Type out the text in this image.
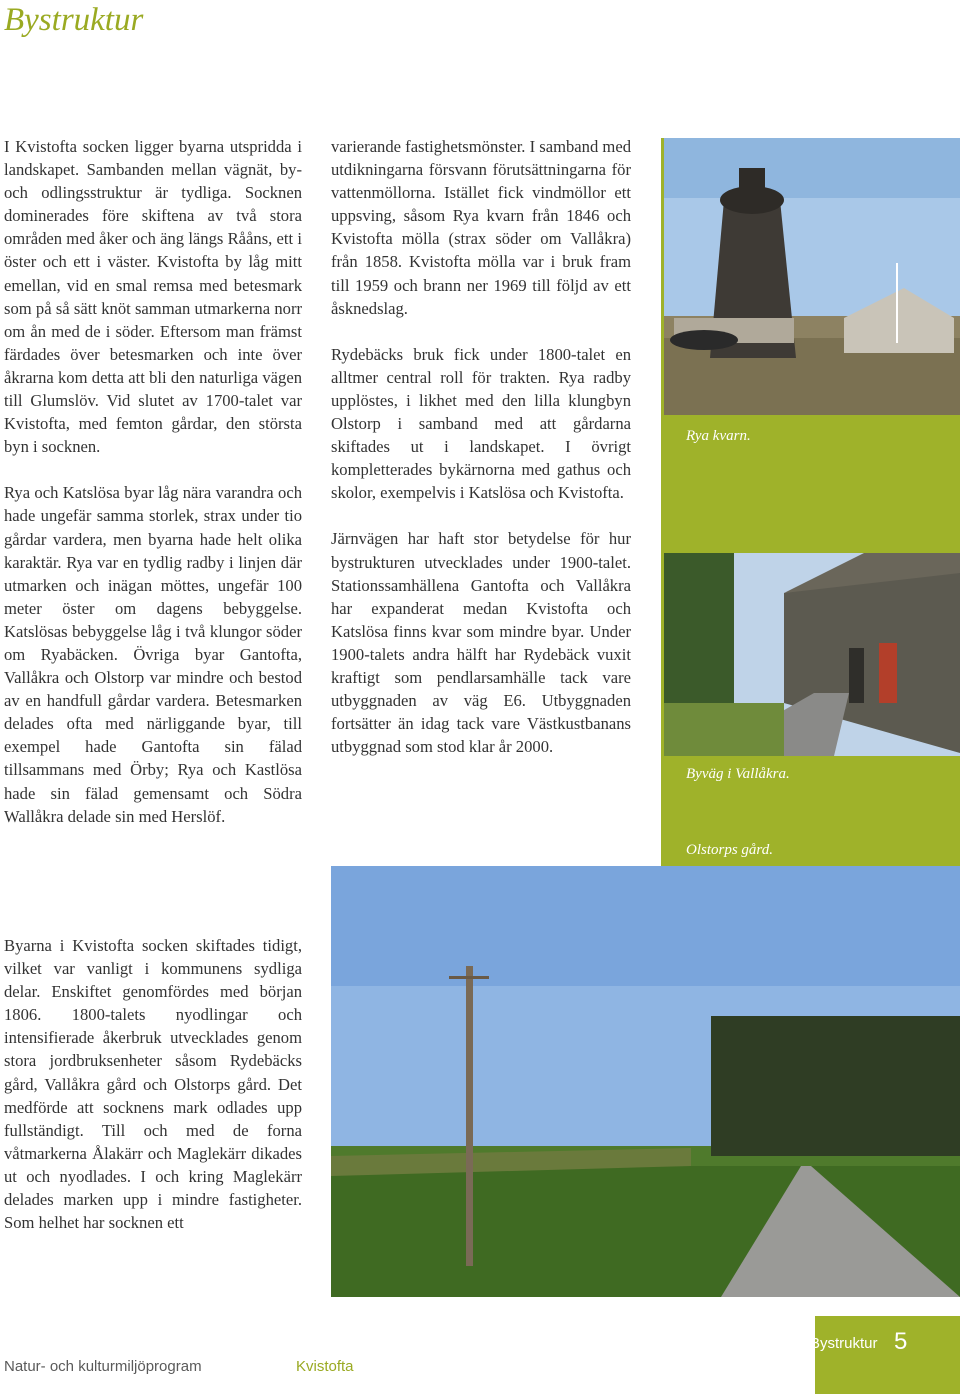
Bystruktur

I Kvistofta socken ligger byarna utspridda i landskapet. Sambanden mellan vägnät, by- och odlingsstruktur är tydliga. Socknen dominerades före skiftena av två stora områden med åker och äng längs Rååns, ett i öster och ett i väster. Kvistofta by låg mitt emellan, vid en smal remsa med betesmark som på så sätt knöt samman utmarkerna norr om ån med de i söder. Eftersom man främst färdades över betesmarken och inte över åkrarna kom detta att bli den naturliga vägen till Glumslöv. Vid slutet av 1700-talet var Kvistofta, med femton gårdar, den största byn i socknen.

Rya och Katslösa byar låg nära varandra och hade ungefär samma storlek, strax under tio gårdar vardera, men byarna hade helt olika karaktär. Rya var en tydlig radby i linjen där utmarken och inägan möttes, ungefär 100 meter öster om dagens bebyggelse. Katslösas bebyggelse låg i två klungor söder om Ryabäcken. Övriga byar Gantofta, Vallåkra och Olstorp var mindre och bestod av en handfull gårdar vardera. Betesmarken delades ofta med närliggande byar, till exempel hade Gantofta sin fälad tillsammans med Örby; Rya och Kastlösa hade sin fälad gemensamt och Södra Wallåkra delade sin med Herslöf.

Byarna i Kvistofta socken skiftades tidigt, vilket var vanligt i kommunens sydliga delar. Enskiftet genomfördes med början 1806. 1800-talets nyodlingar och intensifierade åkerbruk utvecklades genom stora jordbruksenheter såsom Rydebäcks gård, Vallåkra gård och Olstorps gård. Det medförde att socknens mark odlades upp fullständigt. Till och med de forna våtmarkerna Ålakärr och Maglekärr dikades ut och nyodlades. I och kring Maglekärr delades marken upp i mindre fastigheter. Som helhet har socknen ett

varierande fastighetsmönster. I samband med utdikningarna försvann förutsättningarna för vattenmöllorna. Istället fick vindmöllor ett uppsving, såsom Rya kvarn från 1846 och Kvistofta mölla (strax söder om Vallåkra) från 1858. Kvistofta mölla var i bruk fram till 1959 och brann ner 1969 till följd av ett åsknedslag.

Rydebäcks bruk fick under 1800-talet en alltmer central roll för trakten. Rya radby upplöstes, i likhet med den lilla klungbyn Olstorp i samband med att gårdarna skiftades ut i landskapet. I övrigt kompletterades bykärnorna med gathus och skolor, exempelvis i Katslösa och Kvistofta.

Järnvägen har haft stor betydelse för hur bystrukturen utvecklades under 1900-talet. Stationssamhällena Gantofta och Vallåkra har expanderat medan Kvistofta och Katslösa finns kvar som mindre byar. Under 1900-talets andra hälft har Rydebäck vuxit kraftigt som pendlarsamhälle tack vare utbyggnaden av väg E6. Utbyggnaden fortsätter än idag tack vare Västkustbanans utbyggnad som stod klar år 2000.

Rya kvarn.
Byväg i Vallåkra.
Olstorps gård.
Natur- och kulturmiljöprogram	Kvistofta
Bystruktur 5
